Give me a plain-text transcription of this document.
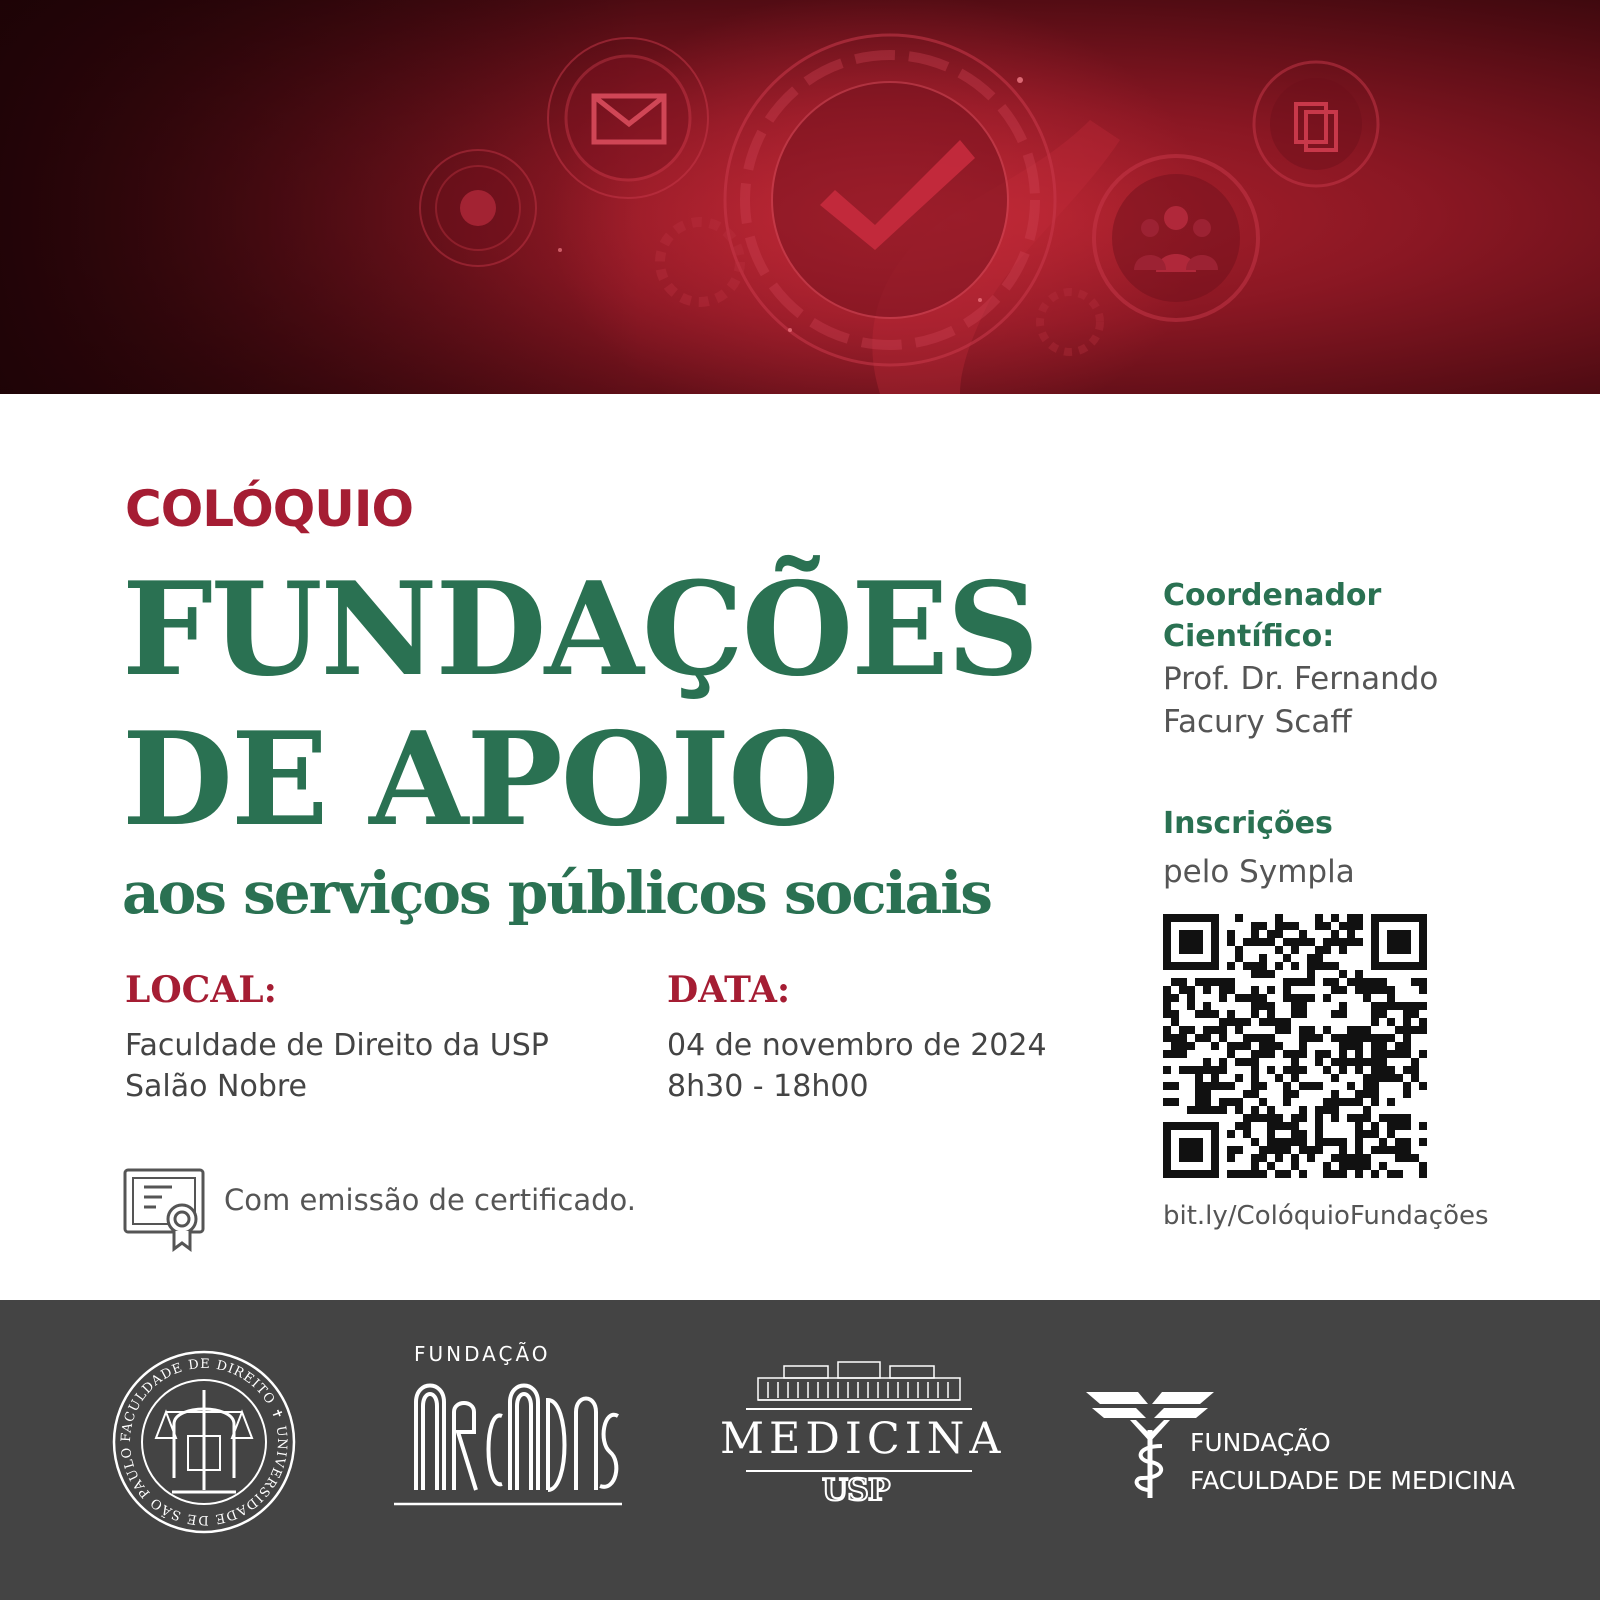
COLÓQUIO
FUNDAÇÕES
DE APOIO
aos serviços públicos sociais
LOCAL:
Faculdade de Direito da USP
Salão Nobre
DATA:
04 de novembro de 2024
8h30 - 18h00
Com emissão de certificado.
Coordenador
Científico:
Prof. Dr. Fernando
Facury Scaff
Inscrições
pelo Sympla
bit.ly/ColóquioFundações
FACULDADE DE DIREITO ✝ UNIVERSIDADE DE SÃO PAULO
FUNDAÇÃO
MEDICINA
USP
FUNDAÇÃO
FACULDADE DE MEDICINA
